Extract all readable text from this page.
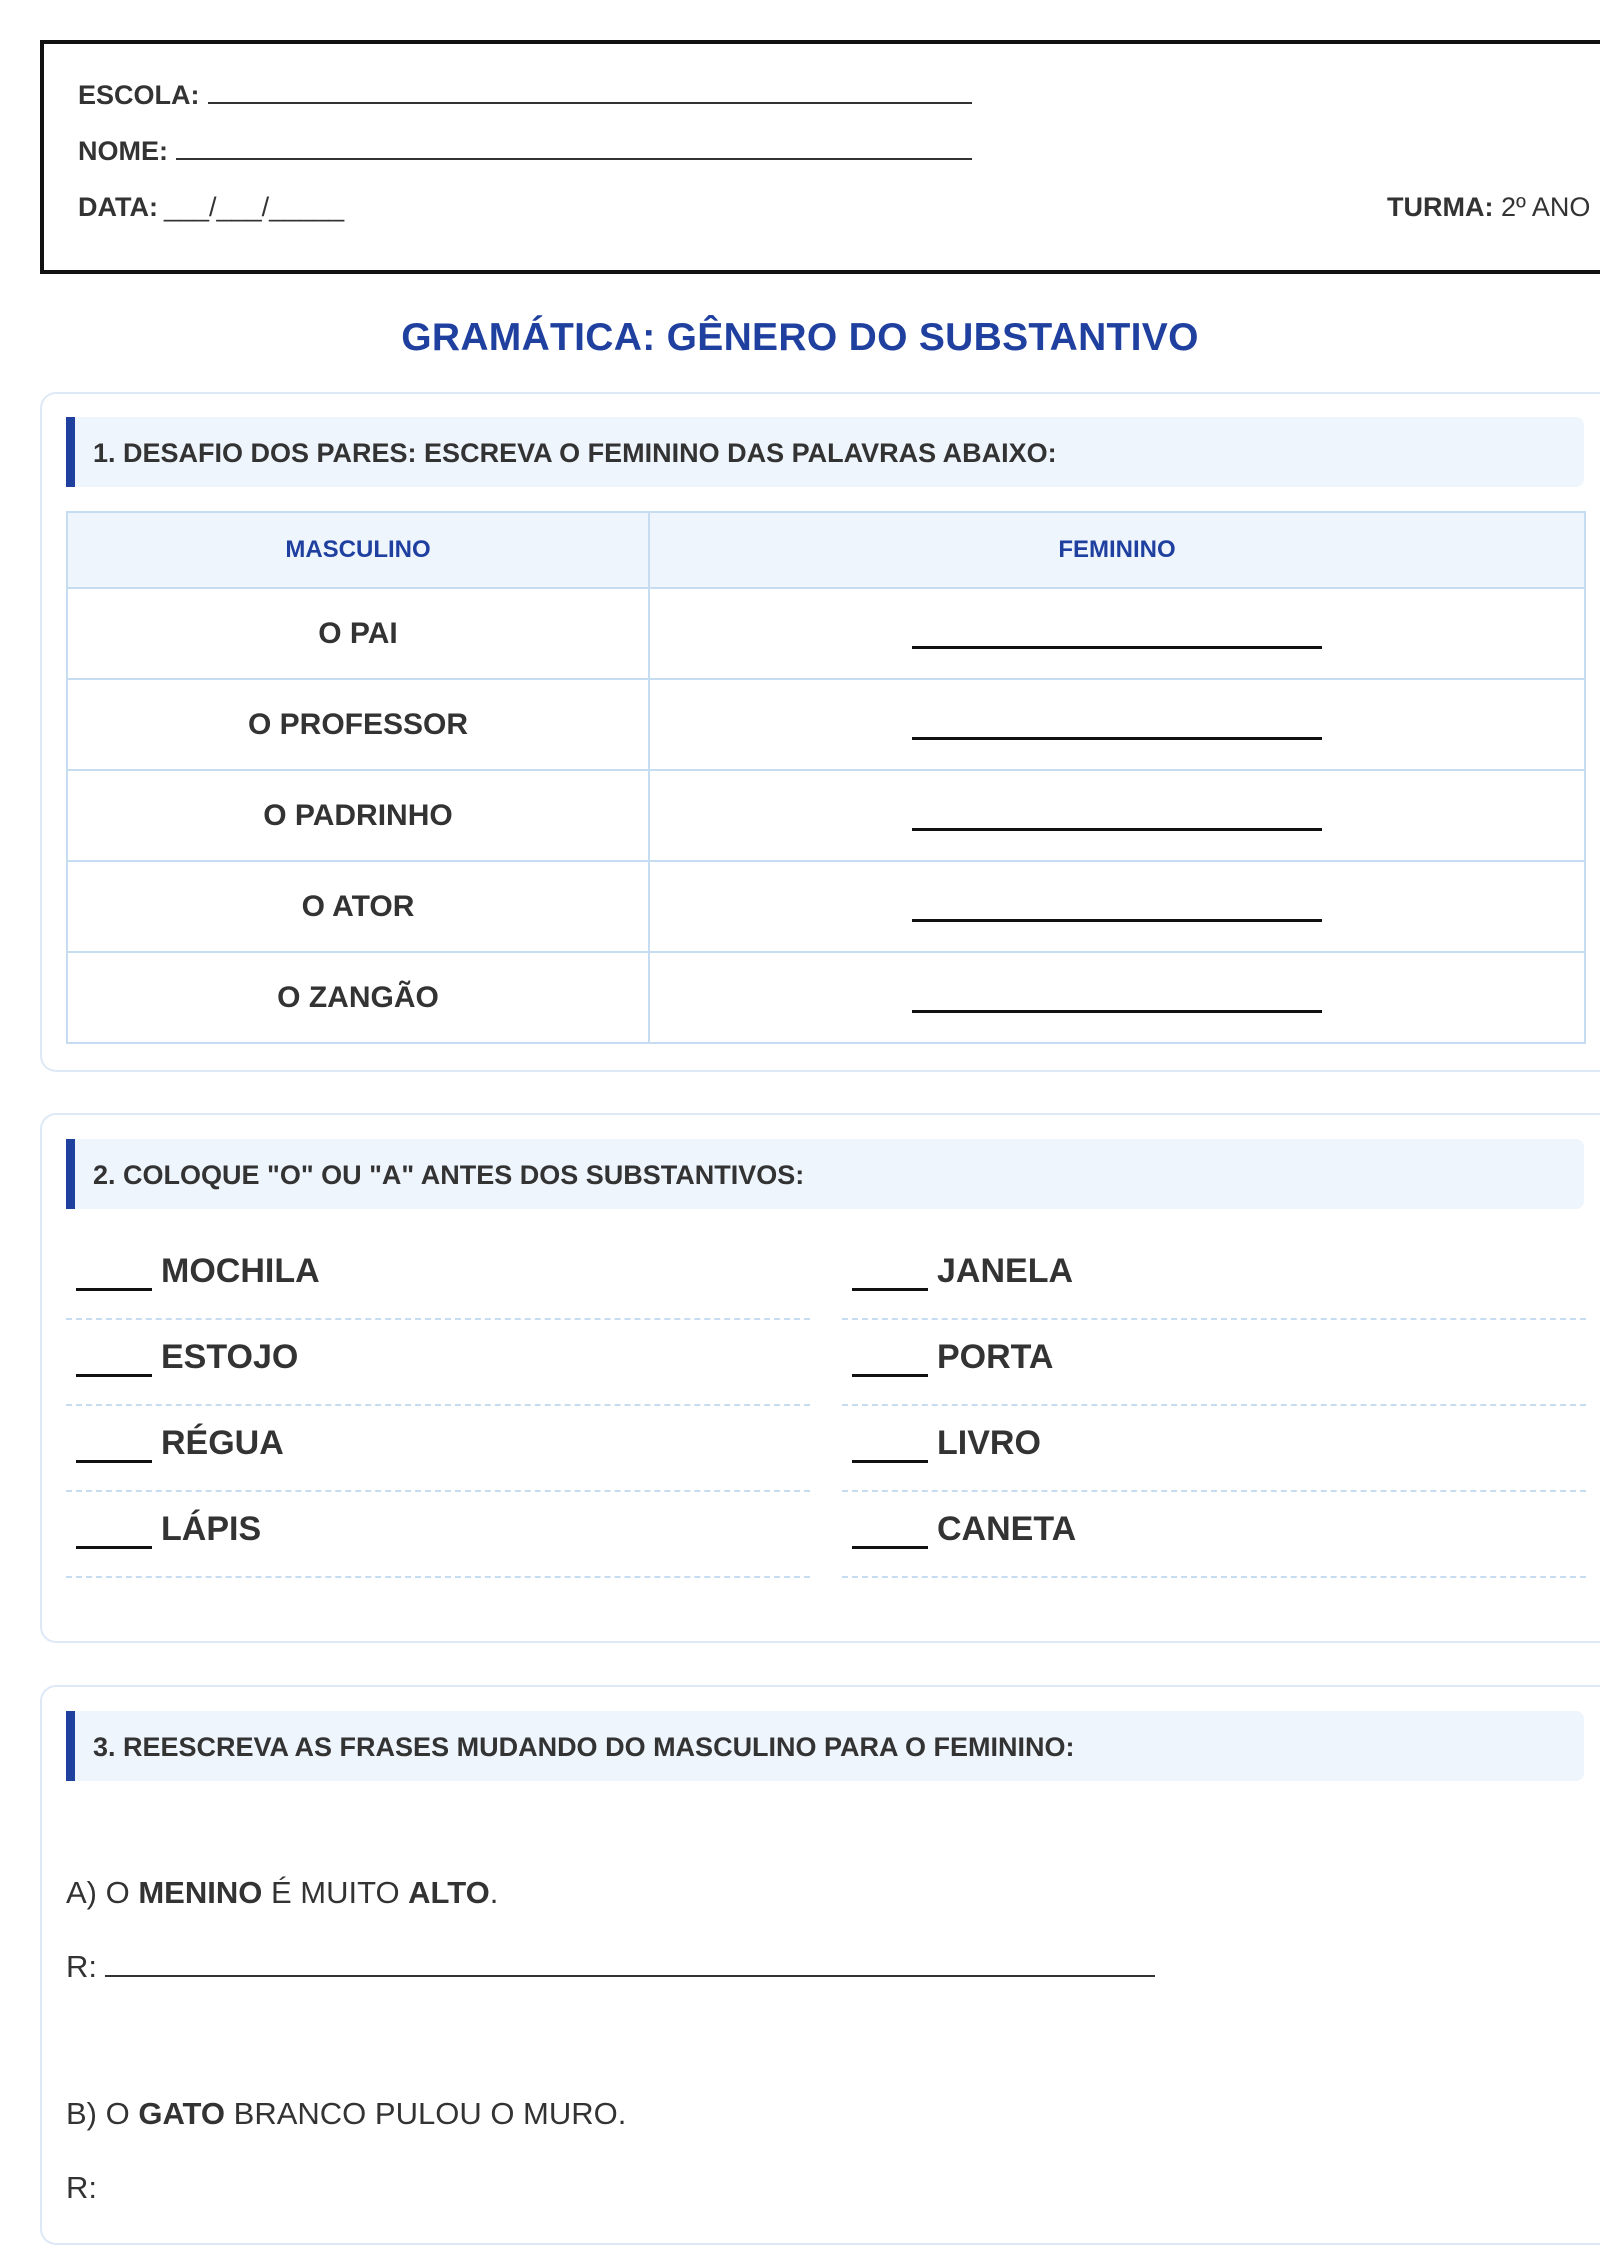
ESCOLA:
NOME:
DATA: ___/___/_____	TURMA: 2º ANO
GRAMÁTICA: GÊNERO DO SUBSTANTIVO
1. DESAFIO DOS PARES: ESCREVA O FEMININO DAS PALAVRAS ABAIXO:
MASCULINO	FEMININO
O PAI	
O PROFESSOR	
O PADRINHO	
O ATOR	
O ZANGÃO	
2. COLOQUE "O" OU "A" ANTES DOS SUBSTANTIVOS:
MOCHILA	JANELA
ESTOJO	PORTA
RÉGUA	LIVRO
LÁPIS	CANETA
3. REESCREVA AS FRASES MUDANDO DO MASCULINO PARA O FEMININO:
A) O MENINO É MUITO ALTO.
R:
B) O GATO BRANCO PULOU O MURO.
R:
